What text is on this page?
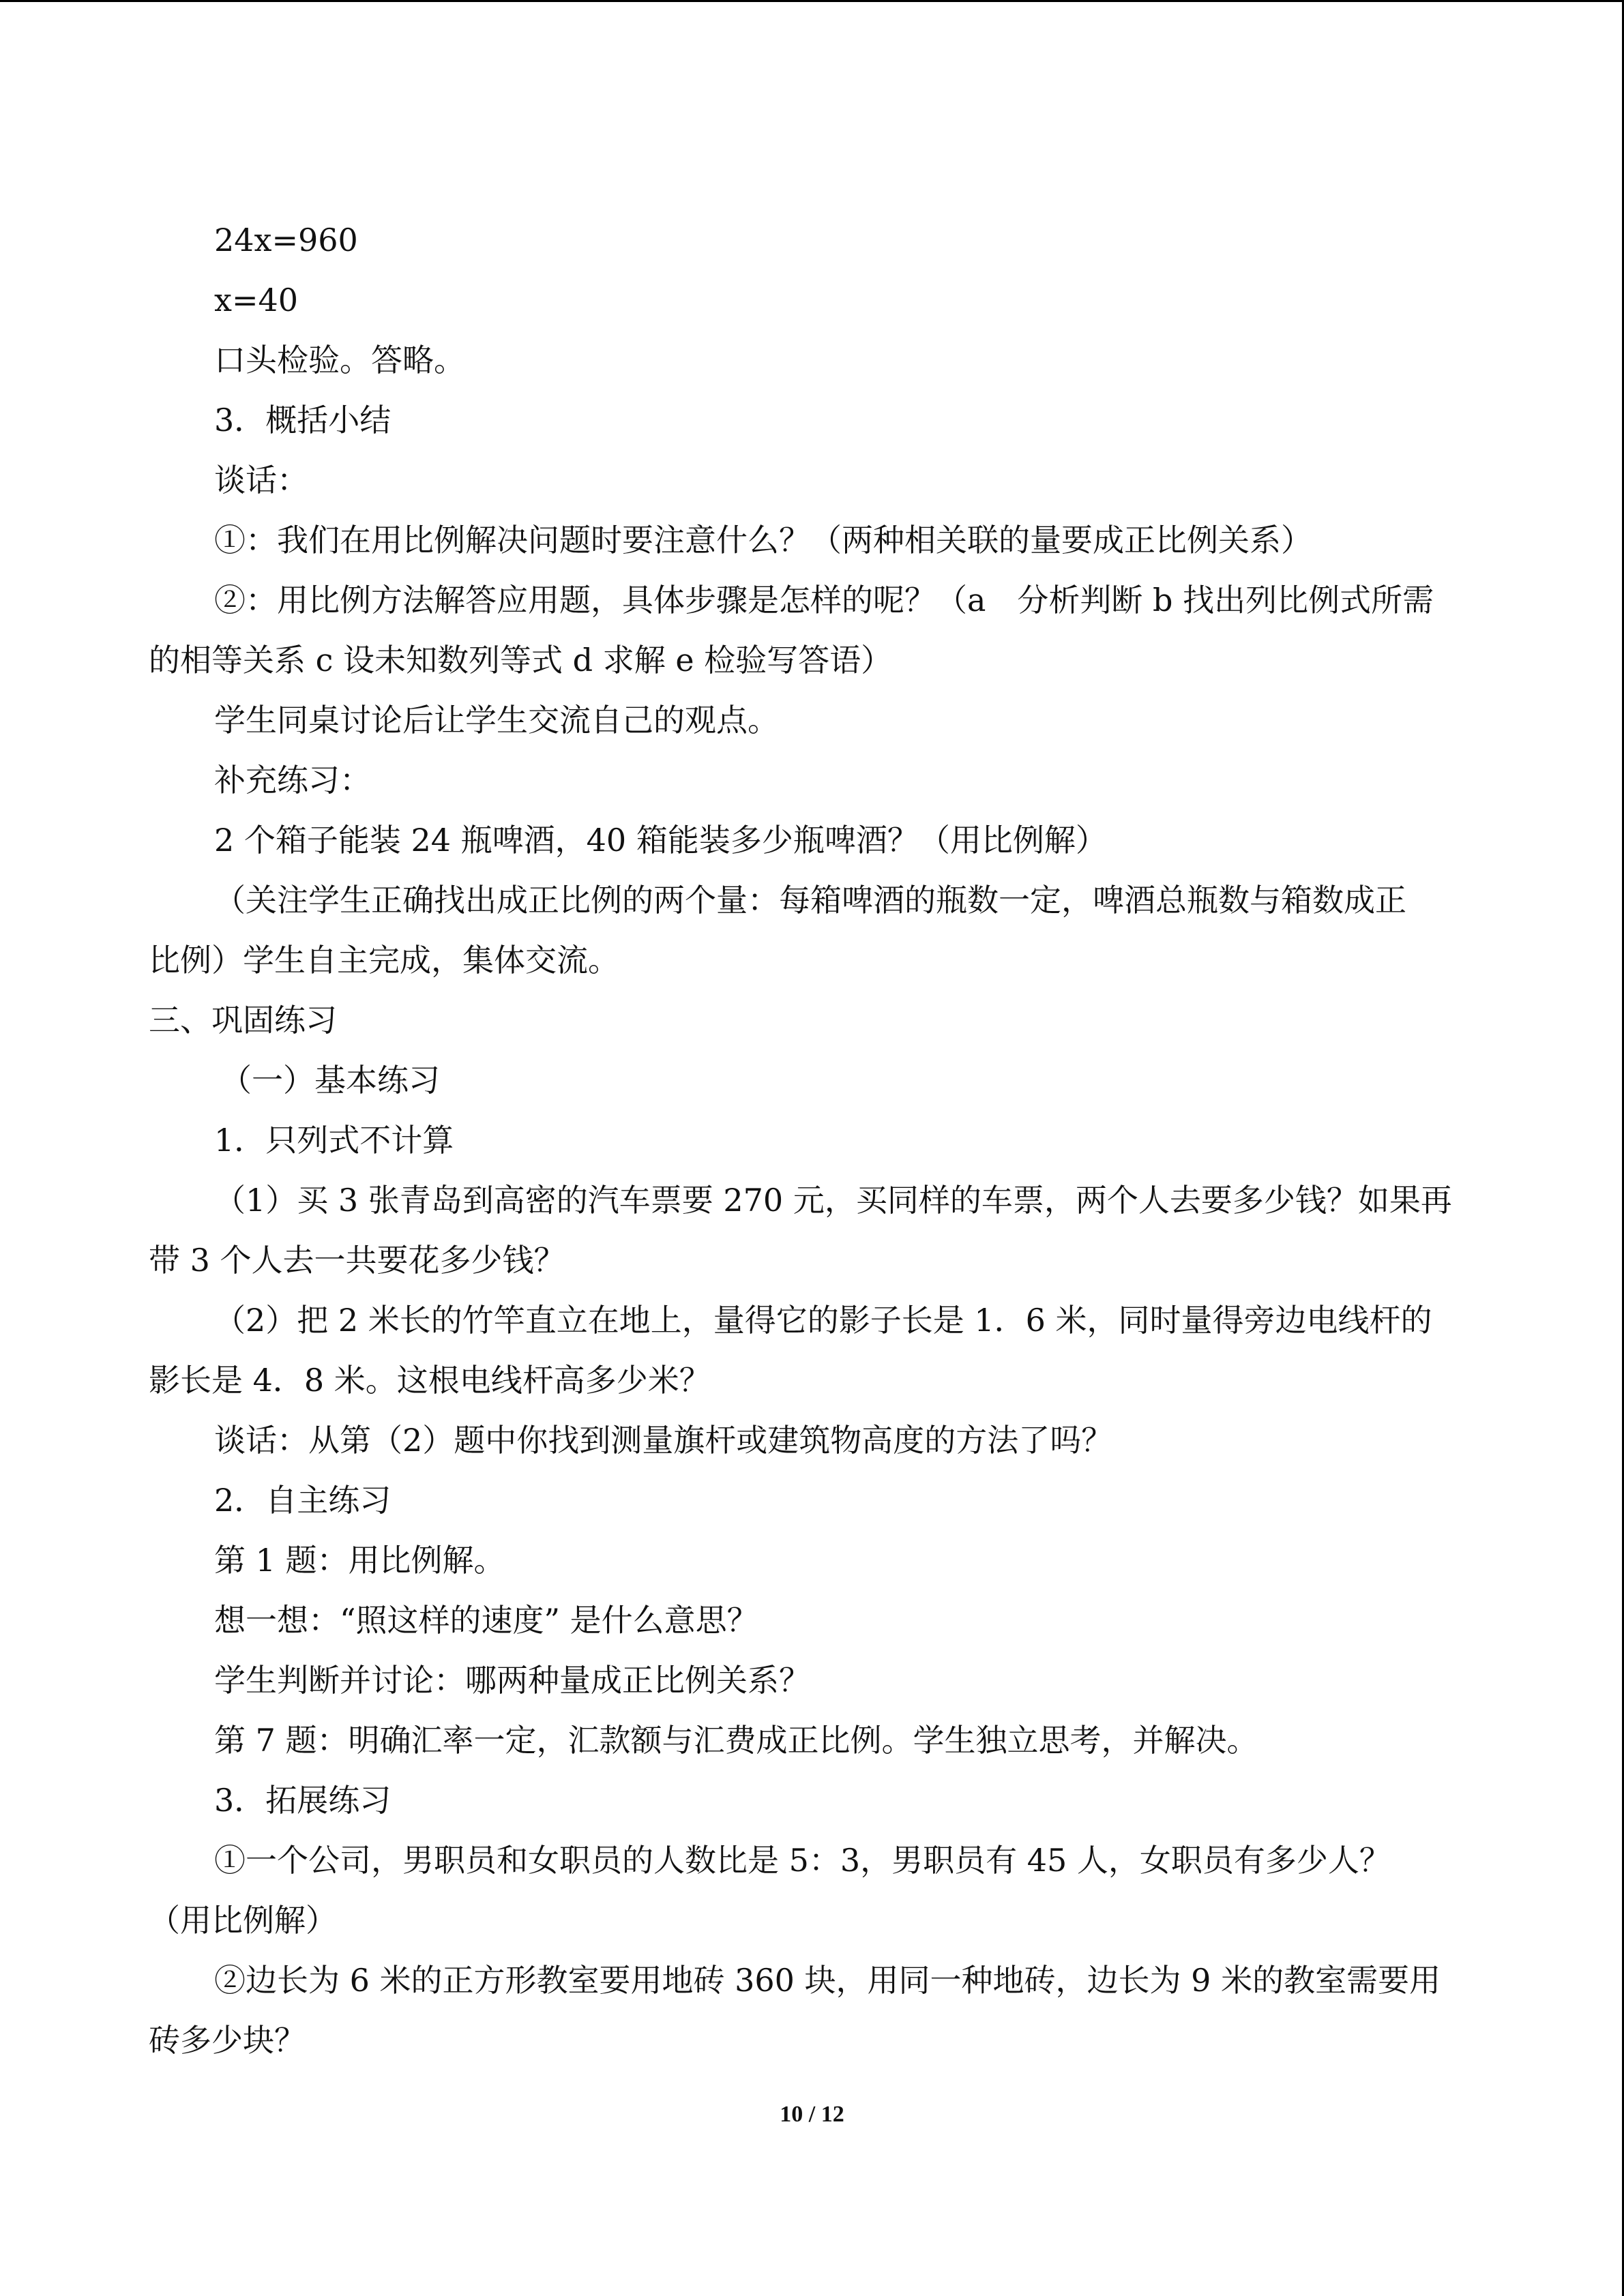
24x=960

x=40

口头检验。答略。

3．概括小结

谈话：

①：我们在用比例解决问题时要注意什么？（两种相关联的量要成正比例关系）

②：用比例方法解答应用题，具体步骤是怎样的呢？（a　分析判断 b 找出列比例式所需

的相等关系 c 设未知数列等式 d 求解 e 检验写答语）

学生同桌讨论后让学生交流自己的观点。

补充练习：

2 个箱子能装 24 瓶啤酒，40 箱能装多少瓶啤酒？（用比例解）

（关注学生正确找出成正比例的两个量：每箱啤酒的瓶数一定，啤酒总瓶数与箱数成正

比例）学生自主完成，集体交流。

三、巩固练习

（一）基本练习

1．只列式不计算

（1）买 3 张青岛到高密的汽车票要 270 元，买同样的车票，两个人去要多少钱？如果再

带 3 个人去一共要花多少钱？

（2）把 2 米长的竹竿直立在地上，量得它的影子长是 1．6 米，同时量得旁边电线杆的

影长是 4．8 米。这根电线杆高多少米？

谈话：从第（2）题中你找到测量旗杆或建筑物高度的方法了吗？

2．自主练习

第 1 题：用比例解。

想一想：“照这样的速度” 是什么意思？

学生判断并讨论：哪两种量成正比例关系？

第 7 题：明确汇率一定，汇款额与汇费成正比例。学生独立思考，并解决。

3．拓展练习

①一个公司，男职员和女职员的人数比是 5：3，男职员有 45 人，女职员有多少人？

（用比例解）

②边长为 6 米的正方形教室要用地砖 360 块，用同一种地砖，边长为 9 米的教室需要用

砖多少块？

10 / 12
